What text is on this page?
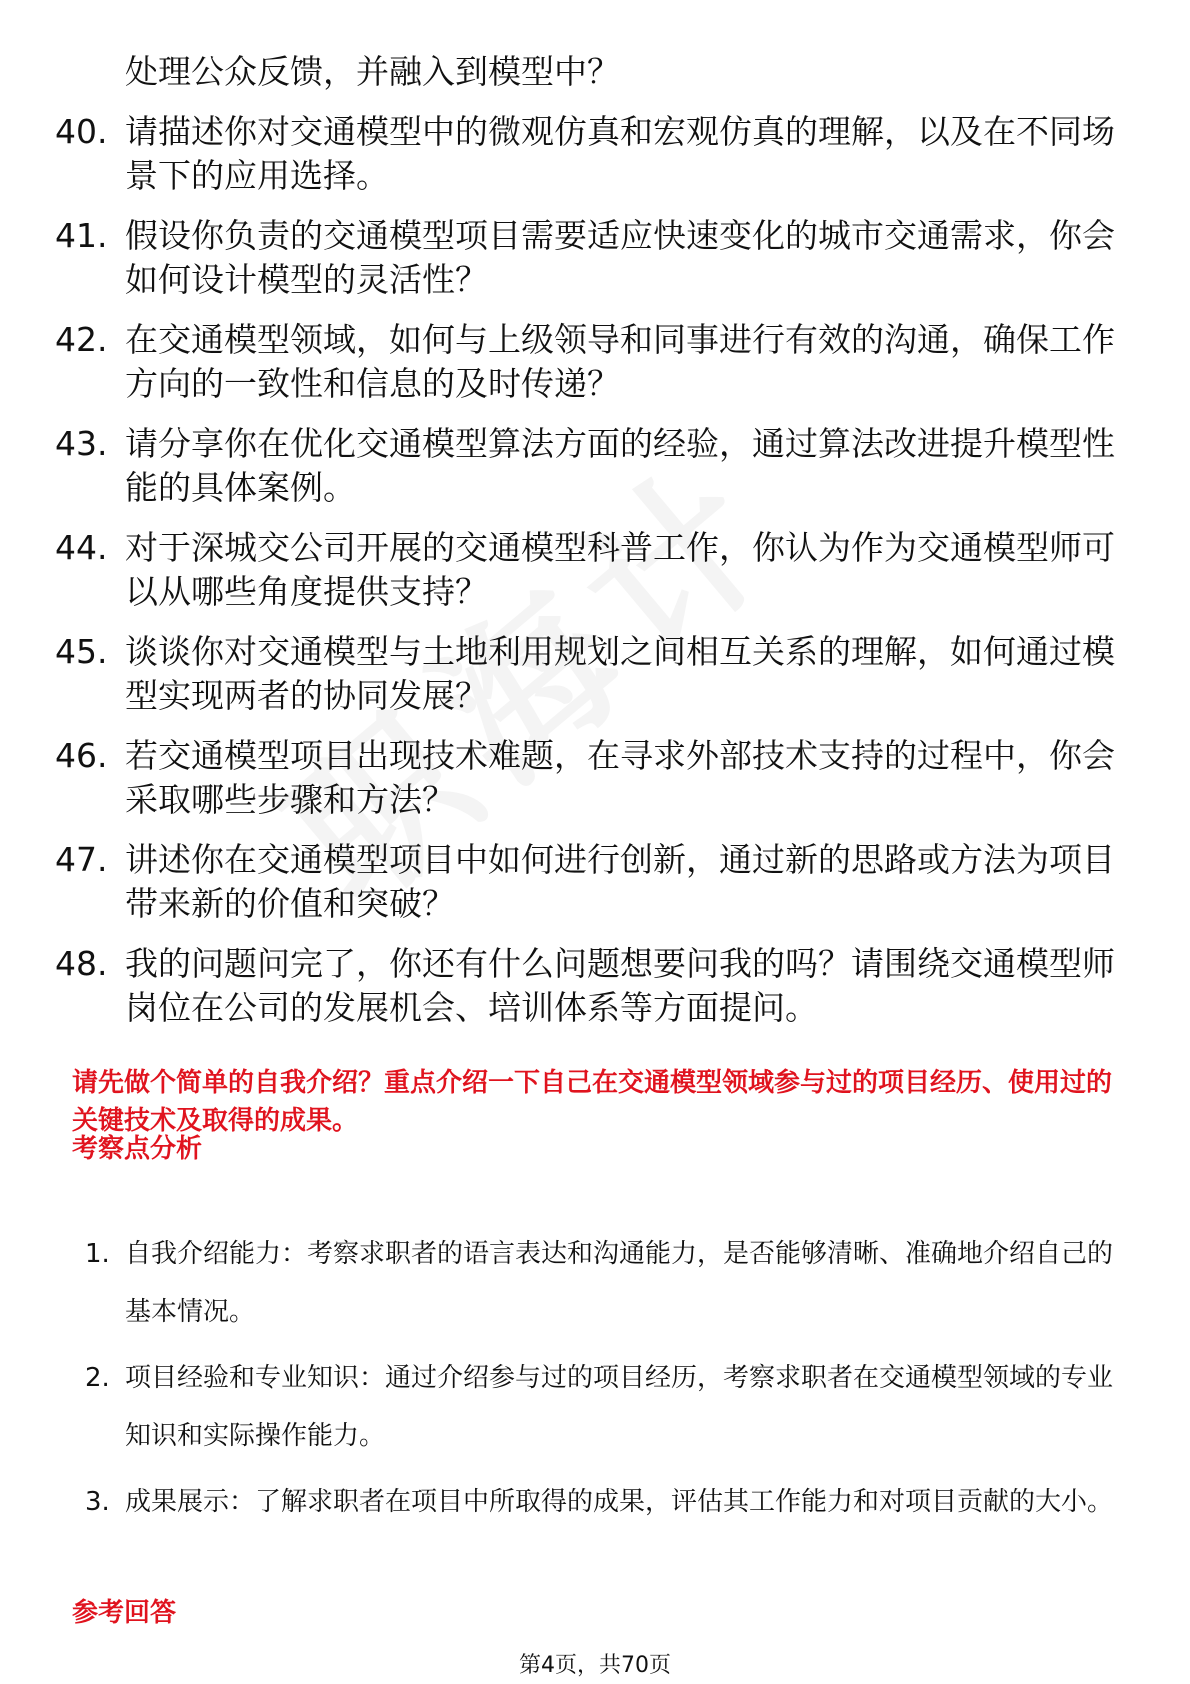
处理公众反馈，并融入到模型中？
40. 请描述你对交通模型中的微观仿真和宏观仿真的理解，以及在不同场景下的应用选择。
41. 假设你负责的交通模型项目需要适应快速变化的城市交通需求，你会如何设计模型的灵活性？
42. 在交通模型领域，如何与上级领导和同事进行有效的沟通，确保工作方向的一致性和信息的及时传递？
43. 请分享你在优化交通模型算法方面的经验，通过算法改进提升模型性能的具体案例。
44. 对于深城交公司开展的交通模型科普工作，你认为作为交通模型师可以从哪些角度提供支持？
45. 谈谈你对交通模型与土地利用规划之间相互关系的理解，如何通过模型实现两者的协同发展？
46. 若交通模型项目出现技术难题，在寻求外部技术支持的过程中，你会采取哪些步骤和方法？
47. 讲述你在交通模型项目中如何进行创新，通过新的思路或方法为项目带来新的价值和突破？
48. 我的问题问完了，你还有什么问题想要问我的吗？请围绕交通模型师岗位在公司的发展机会、培训体系等方面提问。

请先做个简单的自我介绍？重点介绍一下自己在交通模型领域参与过的项目经历、使用过的关键技术及取得的成果。

考察点分析
1. 自我介绍能力：考察求职者的语言表达和沟通能力，是否能够清晰、准确地介绍自己的基本情况。
2. 项目经验和专业知识：通过介绍参与过的项目经历，考察求职者在交通模型领域的专业知识和实际操作能力。
3. 成果展示：了解求职者在项目中所取得的成果，评估其工作能力和对项目贡献的大小。
参考回答
第4页，共70页
